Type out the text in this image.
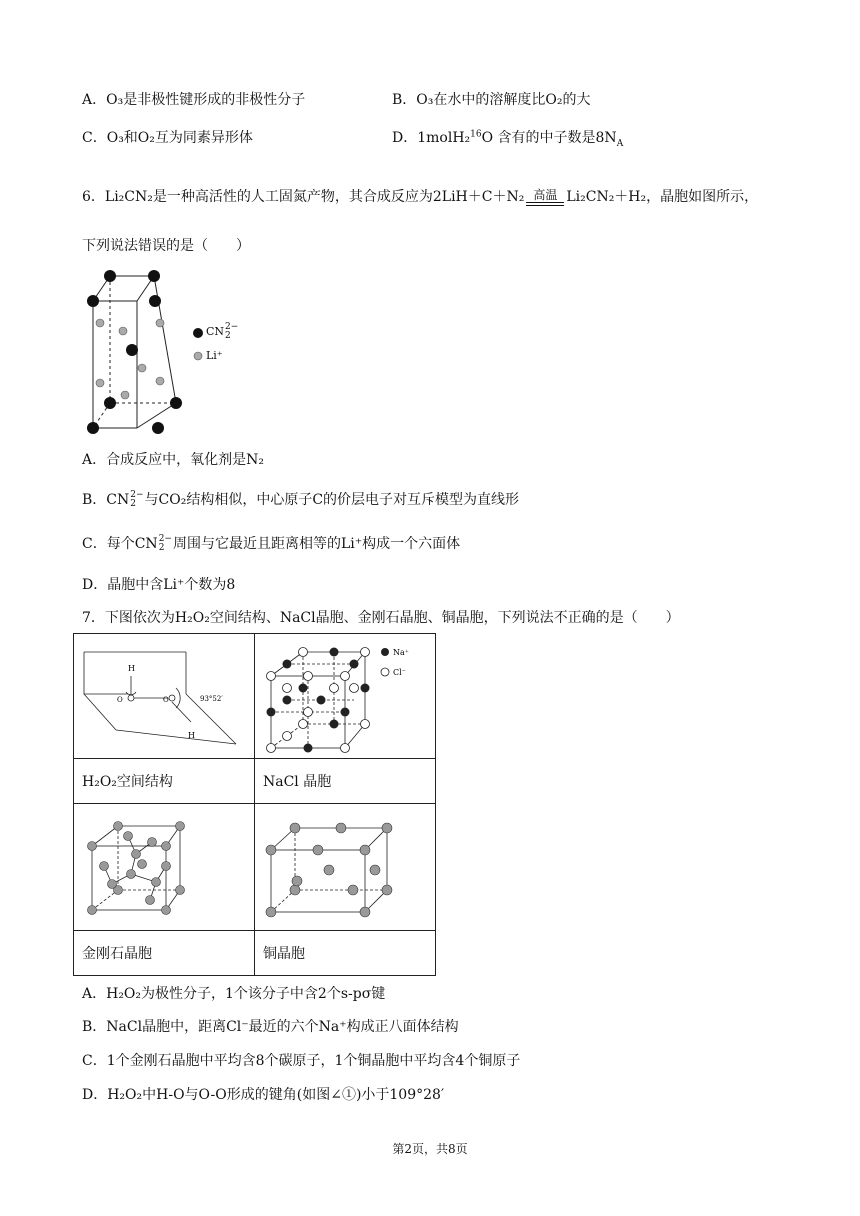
A．O₃是非极性键形成的非极性分子	B．O₃在水中的溶解度比O₂的大
C．O₃和O₂互为同素异形体	D．1molH₂$^{16}$O 含有的中子数是$8N_A$
6．Li₂CN₂是一种高活性的人工固氮产物，其合成反应为2LiH＋C＋N₂ 高温 Li₂CN₂＋H₂，晶胞如图所示，
下列说法错误的是（　　）
CN 2−
2
Li⁺
A．合成反应中，氧化剂是N₂
B．CN 2−
2 与CO₂结构相似，中心原子C的价层电子对互斥模型为直线形
C．每个CN 2−
2 周围与它最近且距离相等的Li⁺构成一个六面体
D．晶胞中含Li⁺个数为8
7．下图依次为H₂O₂空间结构、NaCl晶胞、金刚石晶胞、铜晶胞，下列说法不正确的是（　　）
H
H
O O 93°52′	Na⁺
Cl⁻

H₂O₂空间结构	NaCl 晶胞

金刚石晶胞	铜晶胞
A．H₂O₂为极性分子，1个该分子中含2个s-pσ键
B．NaCl晶胞中，距离Cl⁻最近的六个Na⁺构成正八面体结构
C．1个金刚石晶胞中平均含8个碳原子，1个铜晶胞中平均含4个铜原子
D．H₂O₂中H-O与O-O形成的键角(如图∠①)小于109°28′
第2页，共8页
